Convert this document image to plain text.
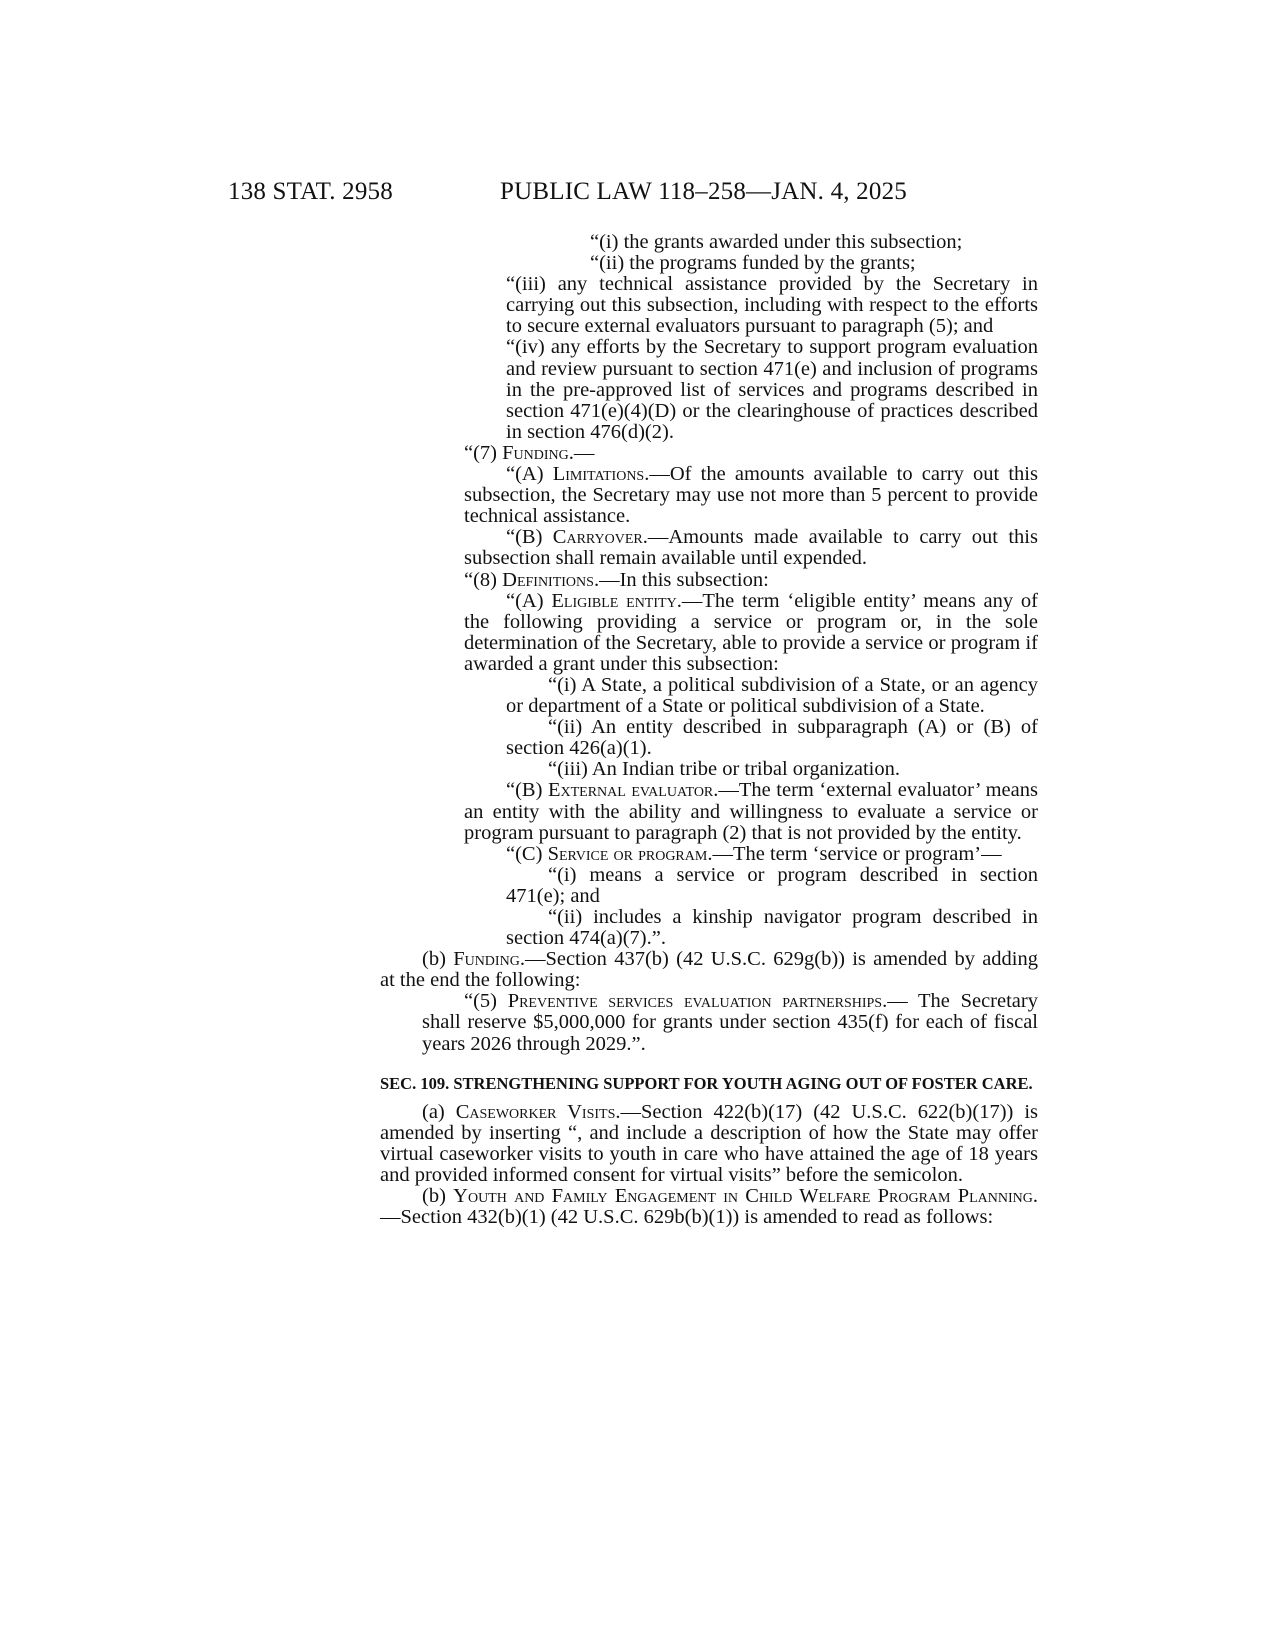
138 STAT. 2958	PUBLIC LAW 118–258—JAN. 4, 2025

“(i) the grants awarded under this subsection;

“(ii) the programs funded by the grants;

“(iii) any technical assistance provided by the Secretary in carrying out this subsection, including with respect to the efforts to secure external evaluators pursuant to paragraph (5); and

“(iv) any efforts by the Secretary to support program evaluation and review pursuant to section 471(e) and inclusion of programs in the pre-approved list of services and programs described in section 471(e)(4)(D) or the clearinghouse of practices described in section 476(d)(2).

“(7) Funding.—

“(A) Limitations.—Of the amounts available to carry out this subsection, the Secretary may use not more than 5 percent to provide technical assistance.

“(B) Carryover.—Amounts made available to carry out this subsection shall remain available until expended.

“(8) Definitions.—In this subsection:

“(A) Eligible entity.—The term ‘eligible entity’ means any of the following providing a service or program or, in the sole determination of the Secretary, able to provide a service or program if awarded a grant under this subsection:

“(i) A State, a political subdivision of a State, or an agency or department of a State or political subdivision of a State.

“(ii) An entity described in subparagraph (A) or (B) of section 426(a)(1).

“(iii) An Indian tribe or tribal organization.

“(B) External evaluator.—The term ‘external evaluator’ means an entity with the ability and willingness to evaluate a service or program pursuant to paragraph (2) that is not provided by the entity.

“(C) Service or program.—The term ‘service or program’—

“(i) means a service or program described in section 471(e); and

“(ii) includes a kinship navigator program described in section 474(a)(7).”.

(b) Funding.—Section 437(b) (42 U.S.C. 629g(b)) is amended by adding at the end the following:

“(5) Preventive services evaluation partnerships.— The Secretary shall reserve $5,000,000 for grants under section 435(f) for each of fiscal years 2026 through 2029.”.

SEC. 109. STRENGTHENING SUPPORT FOR YOUTH AGING OUT OF FOSTER CARE.

(a) Caseworker Visits.—Section 422(b)(17) (42 U.S.C. 622(b)(17)) is amended by inserting “, and include a description of how the State may offer virtual caseworker visits to youth in care who have attained the age of 18 years and provided informed consent for virtual visits” before the semicolon.

(b) Youth and Family Engagement in Child Welfare Program Planning.—Section 432(b)(1) (42 U.S.C. 629b(b)(1)) is amended to read as follows:
